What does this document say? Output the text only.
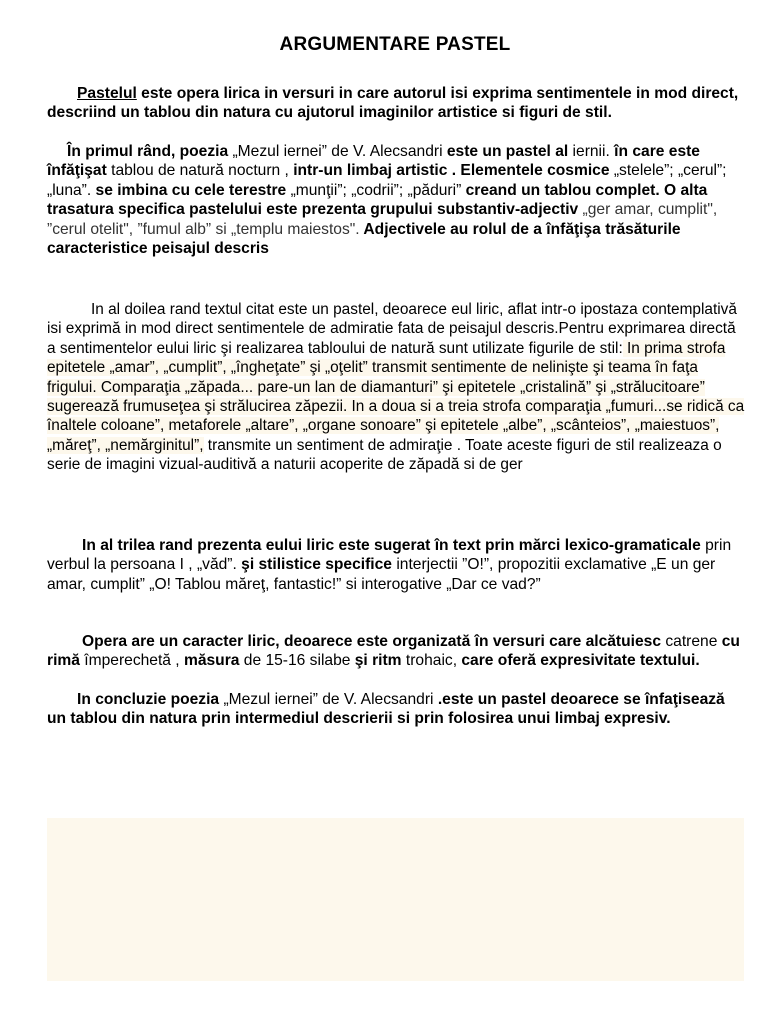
ARGUMENTARE PASTEL

Pastelul este opera lirica in versuri in care autorul isi exprima sentimentele in mod direct, descriind un tablou din natura cu ajutorul imaginilor artistice si figuri de stil.

În primul rând, poezia „Mezul iernei” de V. Alecsandri este un pastel al iernii. în care este înfăţişat tablou de natură nocturn , intr-un limbaj artistic . Elementele cosmice „stelele”; „cerul”; „luna”. se imbina cu cele terestre „munţii”; „codrii”; „păduri” creand un tablou complet. O alta trasatura specifica pastelului este prezenta grupului substantiv-adjectiv „ger amar, cumplit", ”cerul otelit", ”fumul alb” si „templu maiestos". Adjectivele au rolul de a înfăţişa trăsăturile caracteristice peisajul descris

In al doilea rand textul citat este un pastel, deoarece eul liric, aflat intr-o ipostaza contemplativă isi exprimă in mod direct sentimentele de admiratie fata de peisajul descris.Pentru exprimarea directă a sentimentelor eului liric şi realizarea tabloului de natură sunt utilizate figurile de stil: In prima strofa epitetele „amar”, „cumplit”, „îngheţate” şi „oţelit” transmit sentimente de nelinişte şi teama în faţa frigului. Comparaţia „zăpada... pare-un lan de diamanturi” şi epitetele „cristalină” şi „strălucitoare” sugerează frumuseţea şi strălucirea zăpezii. In a doua si a treia strofa comparaţia „fumuri...se ridică ca înaltele coloane”, metaforele „altare”, „organe sonoare” şi epitetele „albe”, „scânteios”, „maiestuos”, „măreţ”, „nemărginitul”, transmite un sentiment de admiraţie . Toate aceste figuri de stil realizeaza o serie de imagini vizual-auditivă a naturii acoperite de zăpadă si de ger

In al trilea rand prezenta eului liric este sugerat în text prin mărci lexico-gramaticale prin verbul la persoana I , „văd”. şi stilistice specifice interjectii ”O!”, propozitii exclamative „E un ger amar, cumplit” „O! Tablou măreţ, fantastic!” si interogative „Dar ce vad?”

Opera are un caracter liric, deoarece este organizată în versuri care alcătuiesc catrene cu rimă împerechetă , măsura de 15-16 silabe şi ritm trohaic, care oferă expresivitate textului.

In concluzie poezia „Mezul iernei” de V. Alecsandri .este un pastel deoarece se înfaţisează un tablou din natura prin intermediul descrierii si prin folosirea unui limbaj expresiv.
